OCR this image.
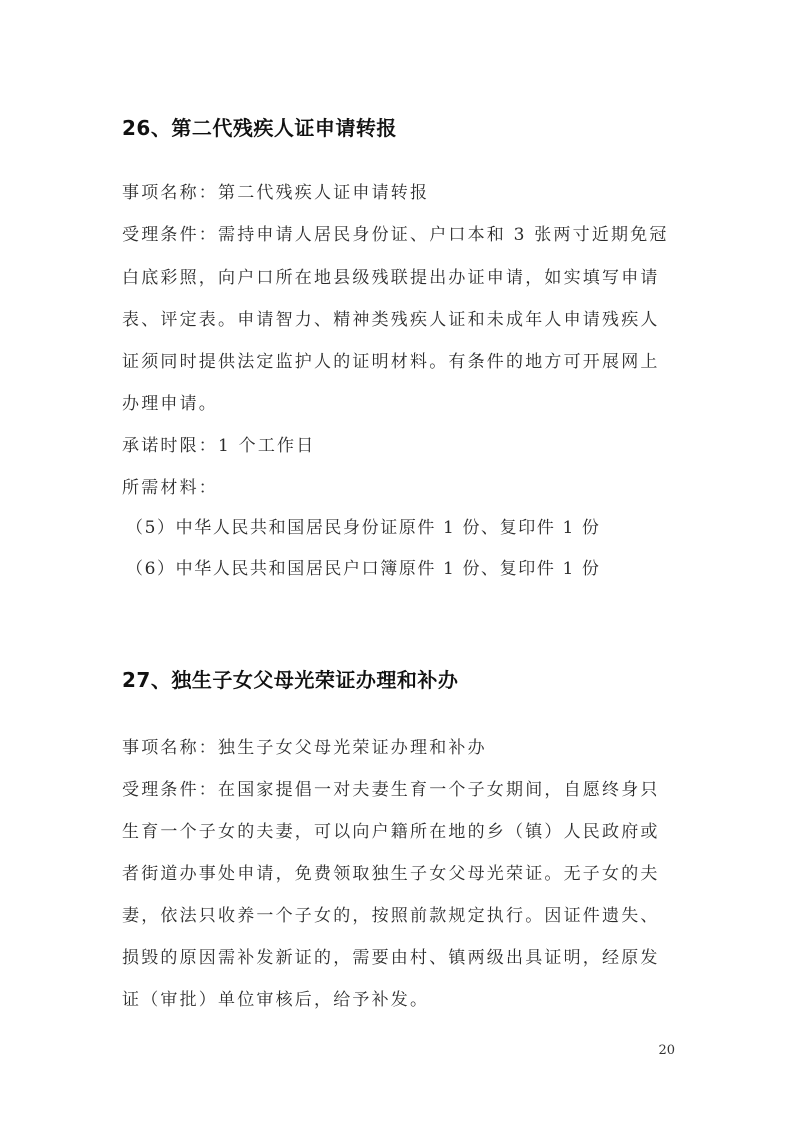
26、第二代残疾人证申请转报
事项名称：第二代残疾人证申请转报
受理条件：需持申请人居民身份证、户口本和 3 张两寸近期免冠
白底彩照，向户口所在地县级残联提出办证申请，如实填写申请
表、评定表。申请智力、精神类残疾人证和未成年人申请残疾人
证须同时提供法定监护人的证明材料。有条件的地方可开展网上
办理申请。
承诺时限：1 个工作日
所需材料：
（5）中华人民共和国居民身份证原件 1 份、复印件 1 份
（6）中华人民共和国居民户口簿原件 1 份、复印件 1 份
27、独生子女父母光荣证办理和补办
事项名称：独生子女父母光荣证办理和补办
受理条件：在国家提倡一对夫妻生育一个子女期间，自愿终身只
生育一个子女的夫妻，可以向户籍所在地的乡（镇）人民政府或
者街道办事处申请，免费领取独生子女父母光荣证。无子女的夫
妻，依法只收养一个子女的，按照前款规定执行。因证件遗失、
损毁的原因需补发新证的，需要由村、镇两级出具证明，经原发
证（审批）单位审核后，给予补发。
20
